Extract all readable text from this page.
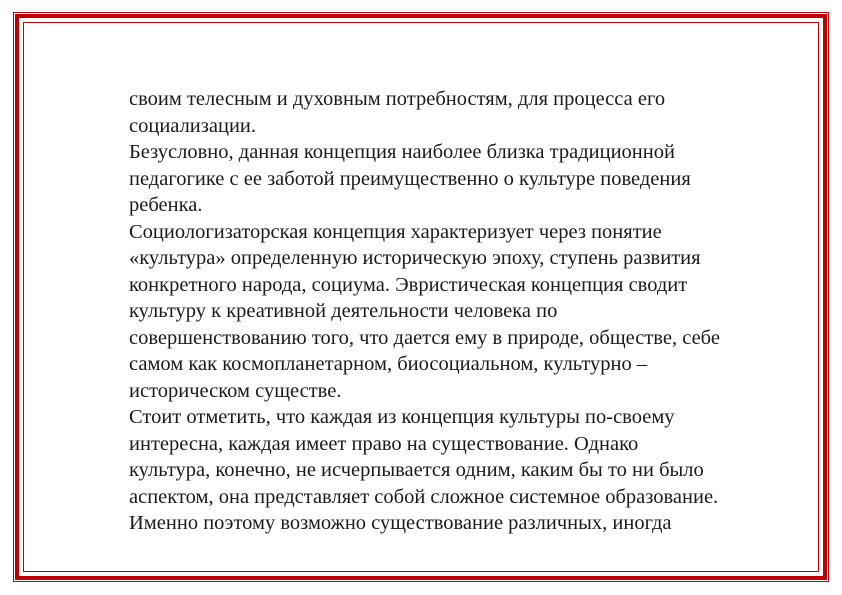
своим телесным и духовным потребностям, для процесса его
социализации.
Безусловно, данная концепция наиболее близка традиционной
педагогике с ее заботой преимущественно о культуре поведения
ребенка.
Социологизаторская концепция характеризует через понятие
«культура» определенную историческую эпоху, ступень развития
конкретного народа, социума. Эвристическая концепция сводит
культуру к креативной деятельности человека по
совершенствованию того, что дается ему в природе, обществе, себе
самом как космопланетарном, биосоциальном, культурно –
историческом существе.
Стоит отметить, что каждая из концепция культуры по-своему
интересна, каждая имеет право на существование. Однако
культура, конечно, не исчерпывается одним, каким бы то ни было
аспектом, она представляет собой сложное системное образование.
Именно поэтому возможно существование различных, иногда
